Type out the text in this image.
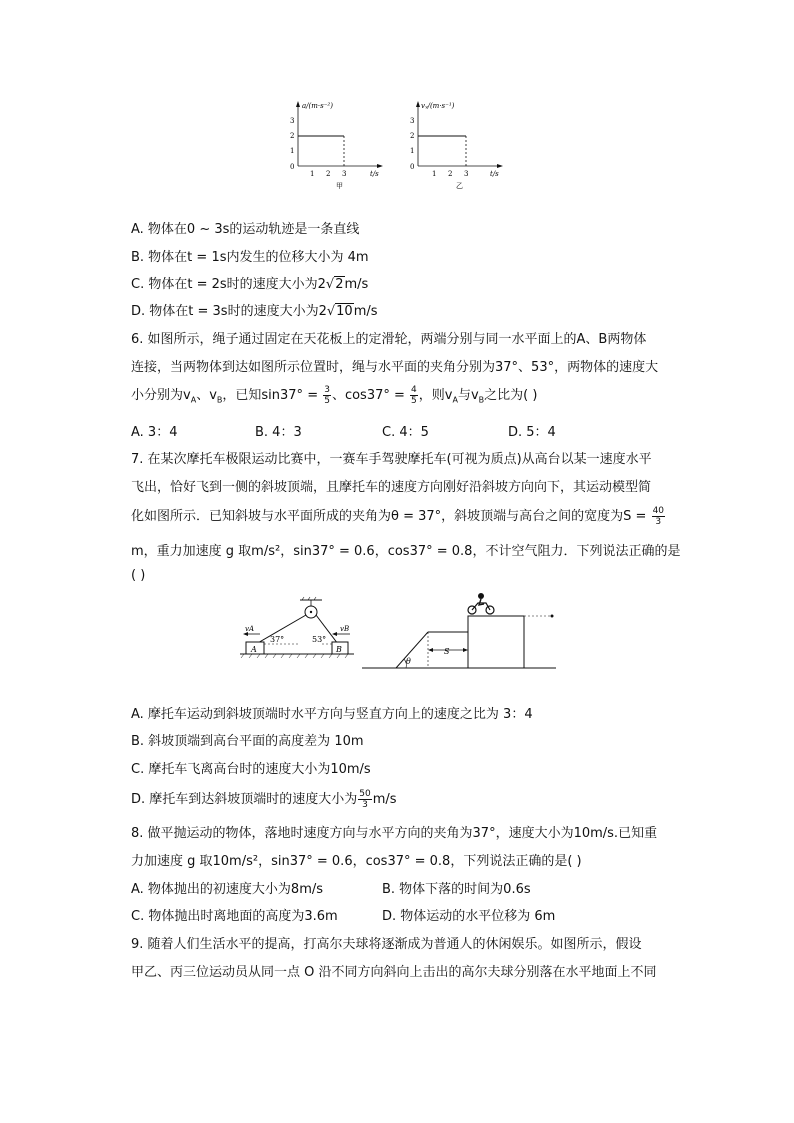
a/(m·s⁻²)
3
2
1
0
1 2 3	t/s
甲
vᵧ/(m·s⁻¹)
3
2
1
0
1 2 3	t/s
乙
A. 物体在0 ~ 3s的运动轨迹是一条直线
B. 物体在t = 1s内发生的位移大小为 4m
C. 物体在t = 2s时的速度大小为2√2m/s
D. 物体在t = 3s时的速度大小为2√10m/s
6. 如图所示，绳子通过固定在天花板上的定滑轮，两端分别与同一水平面上的A、B两物体
连接，当两物体到达如图所示位置时，绳与水平面的夹角分别为37°、53°，两物体的速度大
小分别为$v_A$、$v_B$，已知$\sin 37^\circ = \frac{3}{5}$ 、$\cos 37^\circ = \frac{4}{5}$ ，则$v_A$与$v_B$之比为( )
A. 3：4	B. 4：3	C. 4：5	D. 5：4
7. 在某次摩托车极限运动比赛中，一赛车手驾驶摩托车(可视为质点)从高台以某一速度水平
飞出，恰好飞到一侧的斜坡顶端，且摩托车的速度方向刚好沿斜坡方向向下，其运动模型简
化如图所示．已知斜坡与水平面所成的夹角为θ = 37°，斜坡顶端与高台之间的宽度为$S = \frac{40}{3}$
m，重力加速度 g 取m/s²，sin37° = 0.6，cos37° = 0.8，不计空气阻力．下列说法正确的是
( )
vA	vB
37°	53°
A	B	S
θ
A. 摩托车运动到斜坡顶端时水平方向与竖直方向上的速度之比为 3：4
B. 斜坡顶端到高台平面的高度差为 10m
C. 摩托车飞离高台时的速度大小为10m/s
D. 摩托车到达斜坡顶端时的速度大小为 $\frac{50}{3} m/s$
8. 做平抛运动的物体，落地时速度方向与水平方向的夹角为37°，速度大小为10m/s.已知重
力加速度 g 取10m/s²，sin37° = 0.6，cos37° = 0.8，下列说法正确的是( )
A. 物体抛出的初速度大小为8m/s	B. 物体下落的时间为0.6s
C. 物体抛出时离地面的高度为3.6m	D. 物体运动的水平位移为 6m
9. 随着人们生活水平的提高，打高尔夫球将逐渐成为普通人的休闲娱乐。如图所示，假设
甲乙、丙三位运动员从同一点 O 沿不同方向斜向上击出的高尔夫球分别落在水平地面上不同
